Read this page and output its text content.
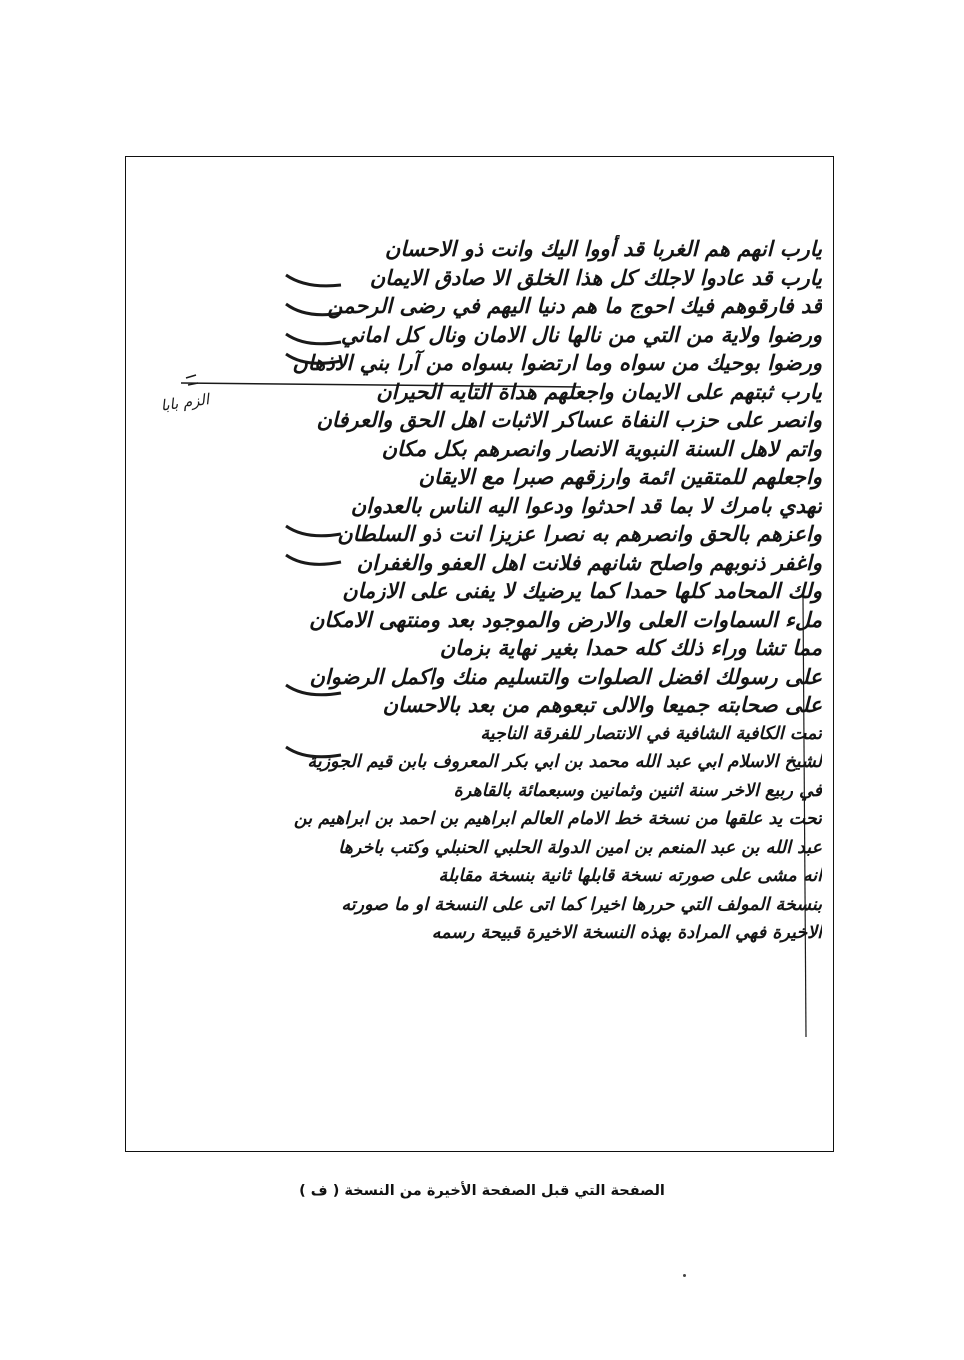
يارب انهم هم الغربا قد أووا اليك وانت ذو الاحسان
يارب قد عادوا لاجلك كل هذا الخلق الا صادق الايمان
قد فارقوهم فيك احوج ما هم دنيا اليهم في رضى الرحمن
ورضوا ولاية من التي من نالها نال الامان ونال كل اماني
ورضوا بوحيك من سواه وما ارتضوا بسواه من آرا بني الاذهان
يارب ثبتهم على الايمان واجعلهم هداة التايه الحيران
وانصر على حزب النفاة عساكر الاثبات اهل الحق والعرفان
واتم لاهل السنة النبوية الانصار وانصرهم بكل مكان
واجعلهم للمتقين ائمة وارزقهم صبرا مع الايقان
تهدي بامرك لا بما قد احدثوا ودعوا اليه الناس بالعدوان
واعزهم بالحق وانصرهم به نصرا عزيزا انت ذو السلطان
واغفر ذنوبهم واصلح شانهم فلانت اهل العفو والغفران
ولك المحامد كلها حمدا كما يرضيك لا يفنى على الازمان
ملء السماوات العلى والارض والموجود بعد ومنتهى الامكان
مما تشا وراء ذلك كله حمدا بغير نهاية بزمان
على رسولك افضل الصلوات والتسليم منك واكمل الرضوان
على صحابته جميعا والالى تبعوهم من بعد بالاحسان
تمت الكافية الشافية في الانتصار للفرقة الناجية
لشيخ الاسلام ابي عبد الله محمد بن ابي بكر المعروف بابن قيم الجوزية
في ربيع الاخر سنة اثنين وثمانين وسبعمائة بالقاهرة
تحت يد علقها من نسخة خط الامام العالم ابراهيم بن احمد بن ابراهيم بن
عبد الله بن عبد المنعم بن امين الدولة الحلبي الحنبلي وكتب باخرها
انه مشى على صورته نسخة قابلها ثانية بنسخة مقابلة
بنسخة المولف التي حررها اخيرا كما اتى على النسخة او ما صورته
الاخيرة فهي المرادة بهذه النسخة الاخيرة قبيحة رسمه
الزم بابا
الصفحة التي قبل الصفحة الأخيرة من النسخة ( ف )
